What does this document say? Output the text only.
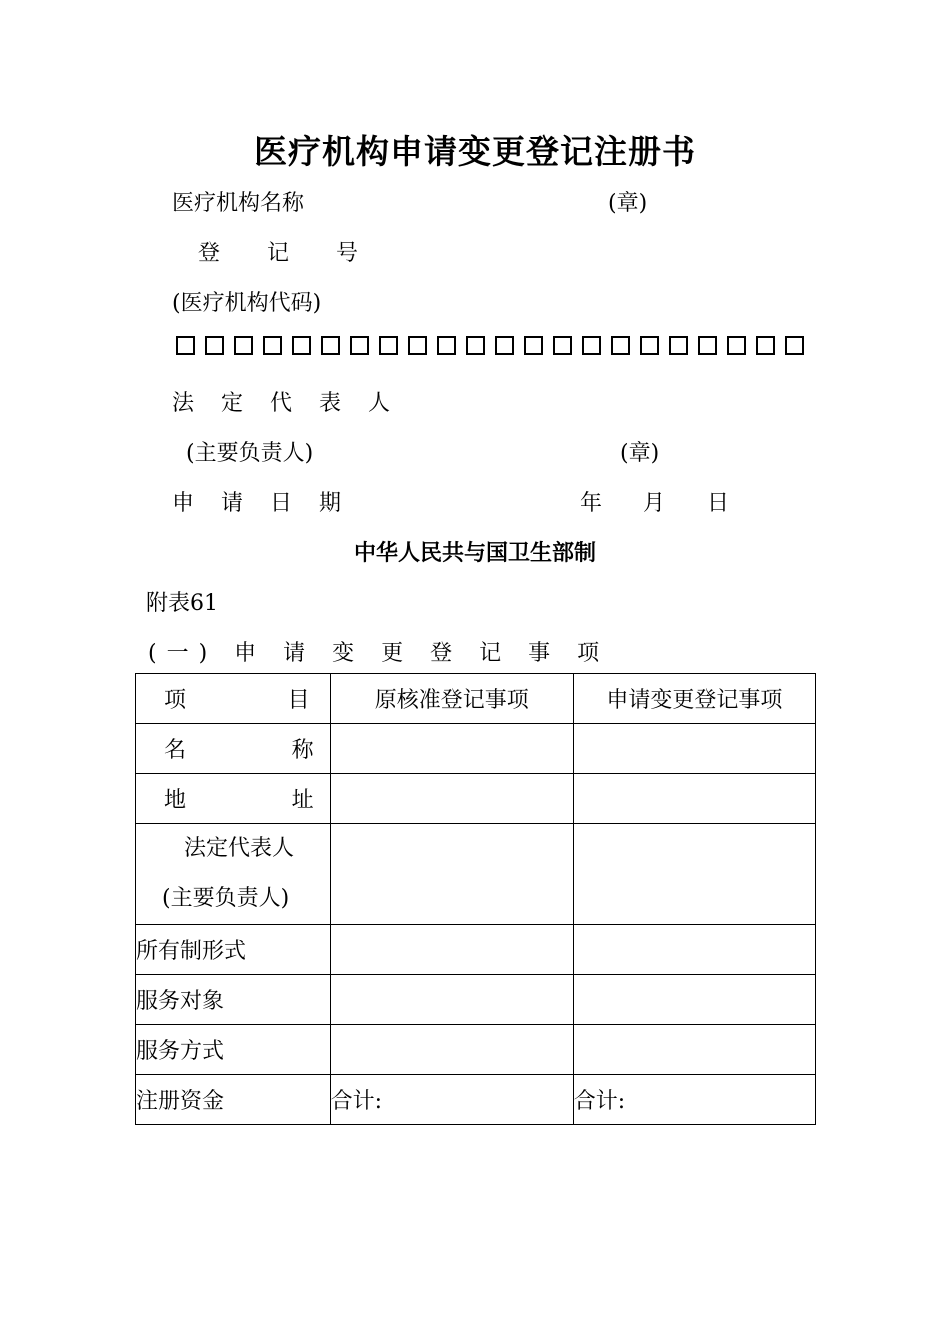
医疗机构申请变更登记注册书
医疗机构名称	(章)
登 记 号
(医疗机构代码)
法 定 代 表 人
(主要负责人)	(章)
申 请 日 期	年 月 日
中华人民共与国卫生部制
附表61
(一) 申 请 变 更 登 记 事 项
项 目	原核准登记事项	申请变更登记事项

名 称		

地 址		

法定代表人
(主要负责人)		

所有制形式		
服务对象		
服务方式		
注册资金	合计:	合计:
